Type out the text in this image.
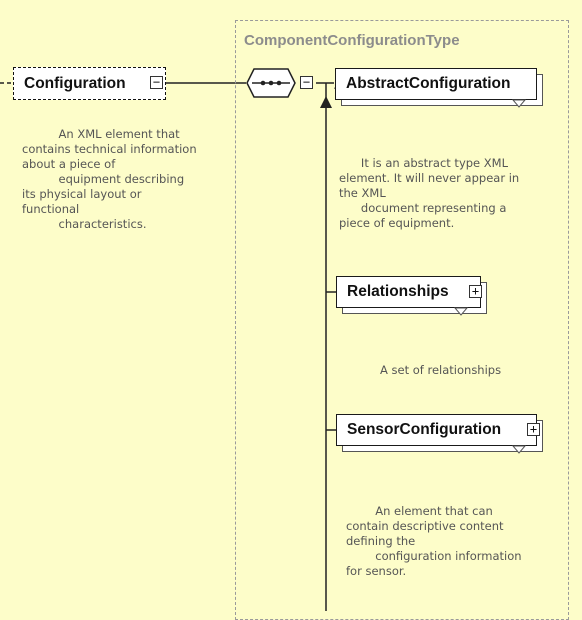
ComponentConfigurationType
Configuration −
An XML element that
contains technical information
about a piece of
equipment describing
its physical layout or
functional
characteristics.
− AbstractConfiguration
It is an abstract type XML
element. It will never appear in
the XML
document representing a
piece of equipment.
Relationships +
A set of relationships
SensorConfiguration +
An element that can
contain descriptive content
defining the
configuration information
for sensor.
